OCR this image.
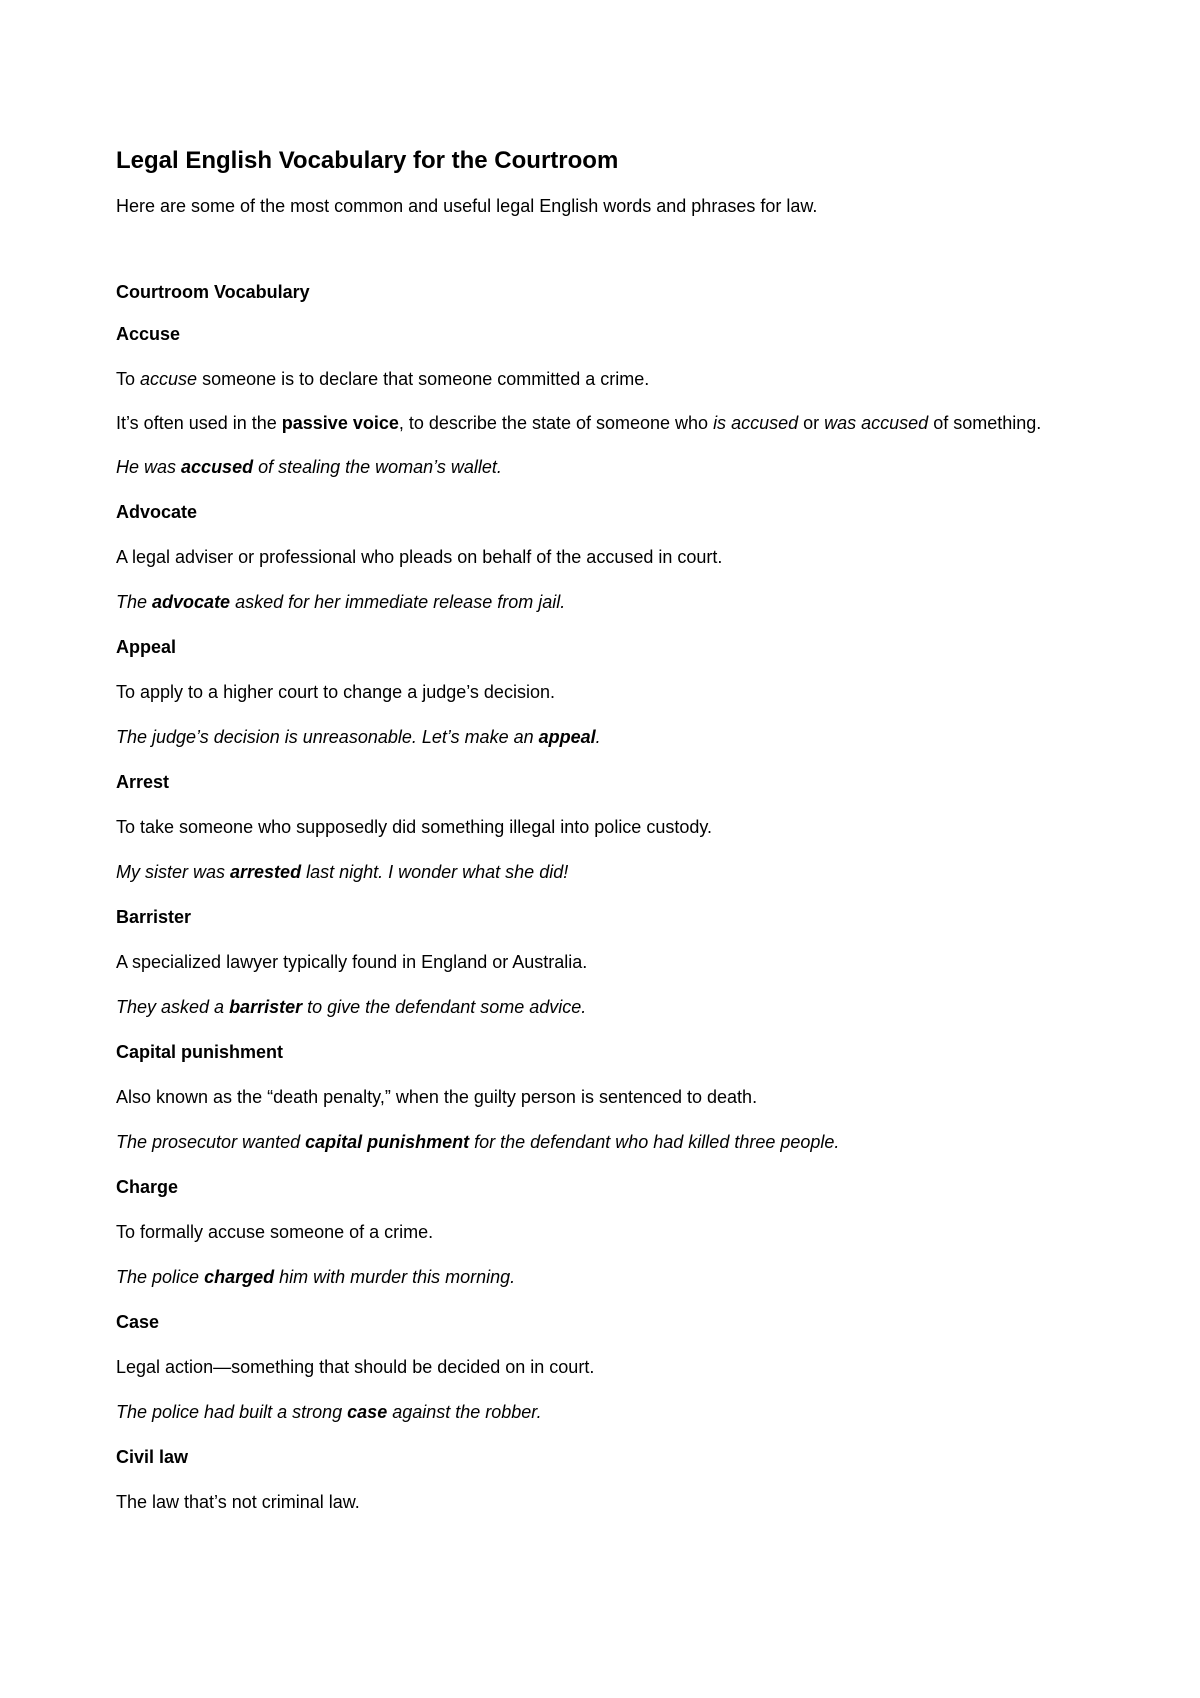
Legal English Vocabulary for the Courtroom

Here are some of the most common and useful legal English words and phrases for law.

Courtroom Vocabulary

Accuse

To accuse someone is to declare that someone committed a crime.

It’s often used in the passive voice, to describe the state of someone who is accused or was accused of something.

He was accused of stealing the woman’s wallet.

Advocate

A legal adviser or professional who pleads on behalf of the accused in court.

The advocate asked for her immediate release from jail.

Appeal

To apply to a higher court to change a judge’s decision.

The judge’s decision is unreasonable. Let’s make an appeal.

Arrest

To take someone who supposedly did something illegal into police custody.

My sister was arrested last night. I wonder what she did!

Barrister

A specialized lawyer typically found in England or Australia.

They asked a barrister to give the defendant some advice.

Capital punishment

Also known as the “death penalty,” when the guilty person is sentenced to death.

The prosecutor wanted capital punishment for the defendant who had killed three people.

Charge

To formally accuse someone of a crime.

The police charged him with murder this morning.

Case

Legal action—something that should be decided on in court.

The police had built a strong case against the robber.

Civil law

The law that’s not criminal law.
